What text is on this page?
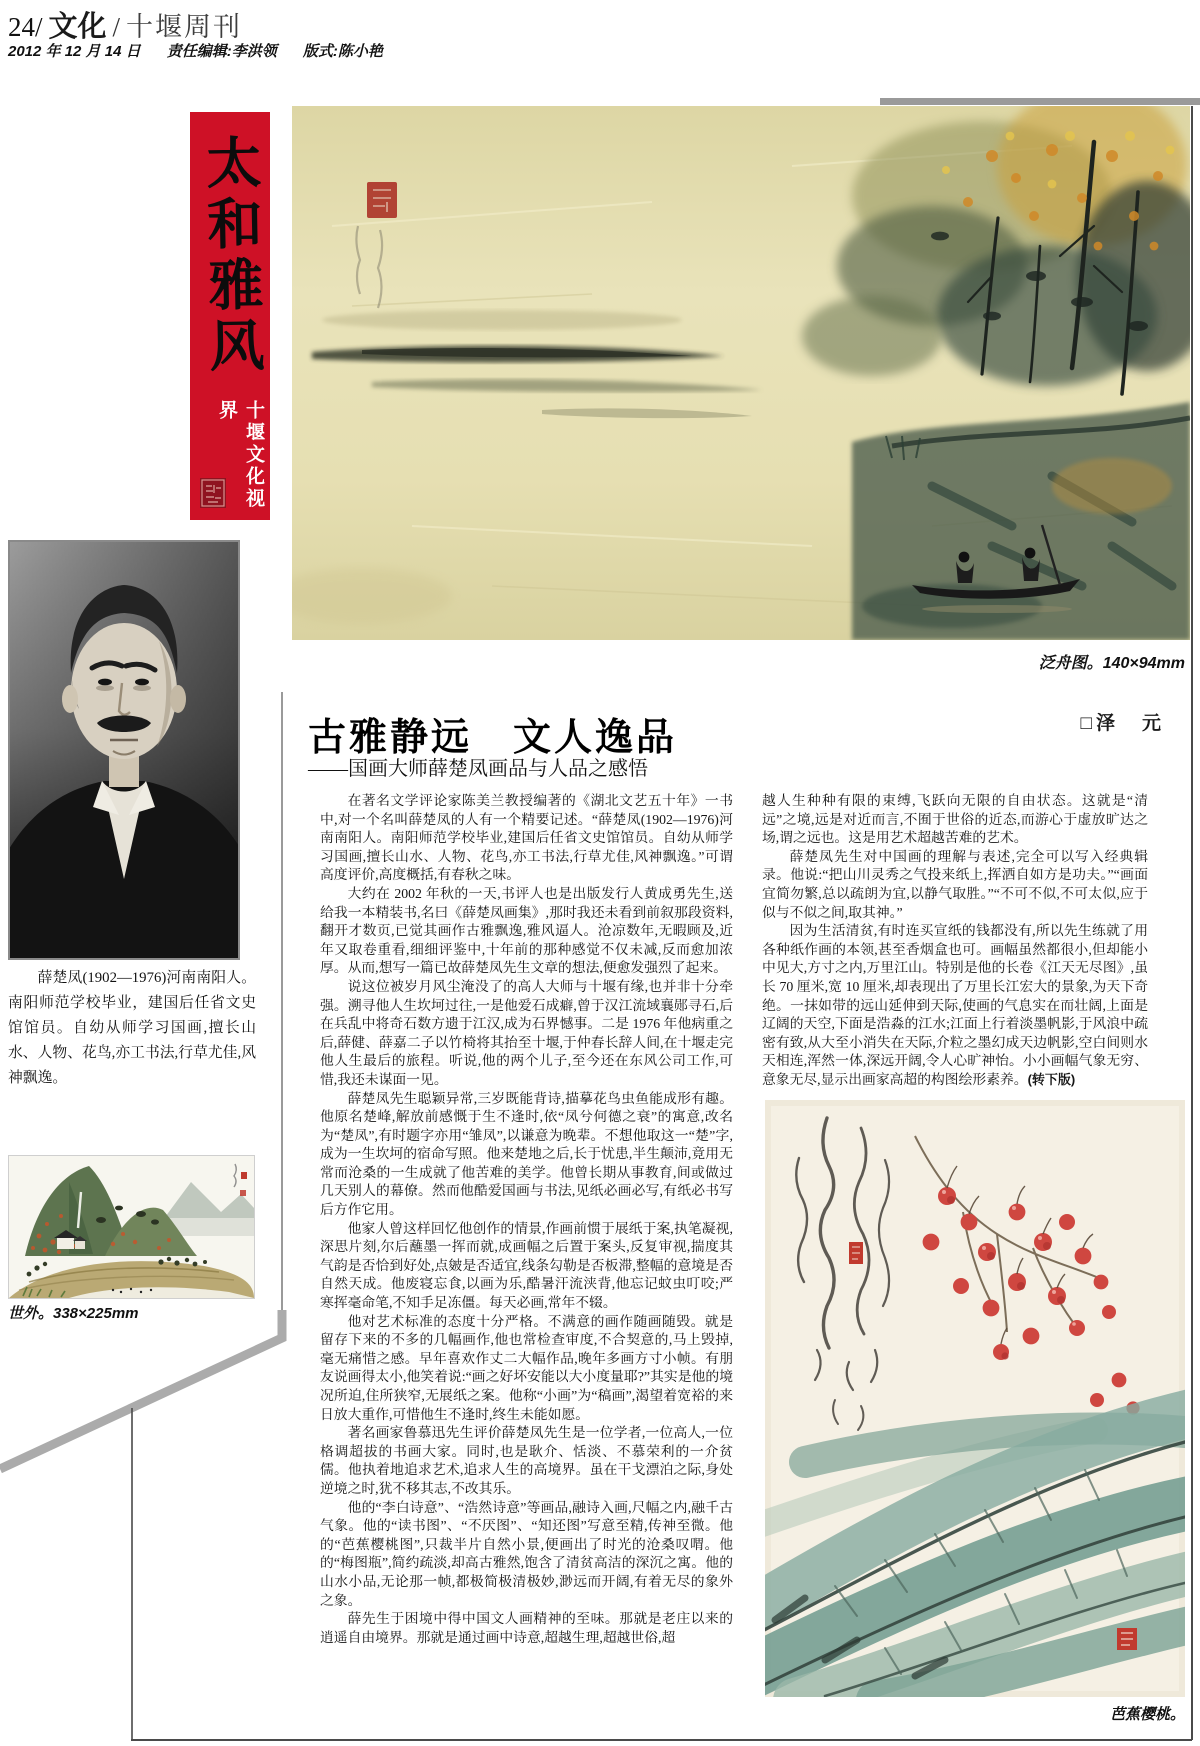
24/ 文化 / 十堰周刊
2012 年 12 月 14 日 责任编辑:李洪领 版式:陈小艳
太和雅风
十堰文化视界
薛楚凤(1902—1976)河南南阳人。南阳师范学校毕业，建国后任省文史馆馆员。自幼从师学习国画,擅长山水、人物、花鸟,亦工书法,行草尤佳,风神飘逸。
世外。338×225mm
泛舟图。140×94mm
□泽　元
古雅静远　文人逸品
——国画大师薛楚凤画品与人品之感悟

在著名文学评论家陈美兰教授编著的《湖北文艺五十年》一书中,对一个名叫薛楚凤的人有一个精要记述。“薛楚凤(1902—1976)河南南阳人。南阳师范学校毕业,建国后任省文史馆馆员。自幼从师学习国画,擅长山水、人物、花鸟,亦工书法,行草尤佳,风神飘逸。”可谓高度评价,高度概括,有春秋之味。

大约在 2002 年秋的一天,书评人也是出版发行人黄成勇先生,送给我一本精装书,名曰《薛楚凤画集》,那时我还未看到前叙那段资料,翻开才数页,已觉其画作古雅飘逸,雅风逼人。沧凉数年,无暇顾及,近年又取卷重看,细细评鉴中,十年前的那种感觉不仅未减,反而愈加浓厚。从而,想写一篇已故薛楚凤先生文章的想法,便愈发强烈了起来。

说这位被岁月风尘淹没了的高人大师与十堰有缘,也并非十分牵强。溯寻他人生坎坷过往,一是他爱石成癖,曾于汉江流域襄郧寻石,后在兵乱中将奇石数方遗于江汉,成为石界憾事。二是 1976 年他病重之后,薛健、薛嘉二子以竹椅将其抬至十堰,于仲春长辞人间,在十堰走完他人生最后的旅程。听说,他的两个儿子,至今还在东风公司工作,可惜,我还未谋面一见。

薛楚凤先生聪颖异常,三岁既能背诗,描摹花鸟虫鱼能成形有趣。他原名楚峰,解放前感慨于生不逢时,依“凤兮何德之衰”的寓意,改名为“楚凤”,有时题字亦用“雏凤”,以谦意为晚辈。不想他取这一“楚”字,成为一生坎坷的宿命写照。他来楚地之后,长于忧患,半生颠沛,竟用无常而沧桑的一生成就了他苦难的美学。他曾长期从事教育,间或做过几天别人的幕僚。然而他酷爱国画与书法,见纸必画必写,有纸必书写后方作它用。

他家人曾这样回忆他创作的情景,作画前惯于展纸于案,执笔凝视,深思片刻,尔后蘸墨一挥而就,成画幅之后置于案头,反复审视,揣度其气韵是否恰到好处,点皴是否适宜,线条勾勒是否板滞,整幅的意境是否自然天成。他废寝忘食,以画为乐,酷暑汗流浃背,他忘记蚊虫叮咬;严寒挥毫命笔,不知手足冻僵。每天必画,常年不辍。

他对艺术标准的态度十分严格。不满意的画作随画随毁。就是留存下来的不多的几幅画作,他也常检查审度,不合契意的,马上毁掉,毫无痛惜之感。早年喜欢作丈二大幅作品,晚年多画方寸小帧。有朋友说画得太小,他笑着说:“画之好坏安能以大小度量耶?”其实是他的境况所迫,住所狭窄,无展纸之案。他称“小画”为“稿画”,渴望着宽裕的来日放大重作,可惜他生不逢时,终生未能如愿。

著名画家鲁慕迅先生评价薛楚凤先生是一位学者,一位高人,一位格调超拔的书画大家。同时,也是耿介、恬淡、不慕荣利的一介贫儒。他执着地追求艺术,追求人生的高境界。虽在干戈漂泊之际,身处逆境之时,犹不移其志,不改其乐。

他的“李白诗意”、“浩然诗意”等画品,融诗入画,尺幅之内,融千古气象。他的“读书图”、“不厌图”、“知还图”写意至精,传神至微。他的“芭蕉樱桃图”,只裁半片自然小景,便画出了时光的沧桑叹喟。他的“梅图瓶”,简约疏淡,却高古雅然,饱含了清贫高洁的深沉之寓。他的山水小品,无论那一帧,都极简极清极妙,渺远而开阔,有着无尽的象外之象。

薛先生于困境中得中国文人画精神的至味。那就是老庄以来的逍遥自由境界。那就是通过画中诗意,超越生理,超越世俗,超

越人生种种有限的束缚,飞跃向无限的自由状态。这就是“清远”之境,远是对近而言,不囿于世俗的近态,而游心于虚放旷达之场,谓之远也。这是用艺术超越苦难的艺术。

薛楚凤先生对中国画的理解与表述,完全可以写入经典辑录。他说:“把山川灵秀之气投来纸上,挥洒自如方是功夫。”“画面宜简勿繁,总以疏朗为宜,以静气取胜。”“不可不似,不可太似,应于似与不似之间,取其神。”

因为生活清贫,有时连买宣纸的钱都没有,所以先生练就了用各种纸作画的本领,甚至香烟盒也可。画幅虽然都很小,但却能小中见大,方寸之内,万里江山。特别是他的长卷《江天无尽图》,虽长 70 厘米,宽 10 厘米,却表现出了万里长江宏大的景象,为天下奇绝。一抹如带的远山延伸到天际,使画的气息实在而壮阔,上面是辽阔的天空,下面是浩淼的江水;江面上行着淡墨帆影,于风浪中疏密有致,从大至小消失在天际,介粒之墨幻成天边帆影,空白间则水天相连,浑然一体,深远开阔,令人心旷神怡。小小画幅气象无穷、意象无尽,显示出画家高超的构图绘形素养。(转下版)

芭蕉樱桃。
